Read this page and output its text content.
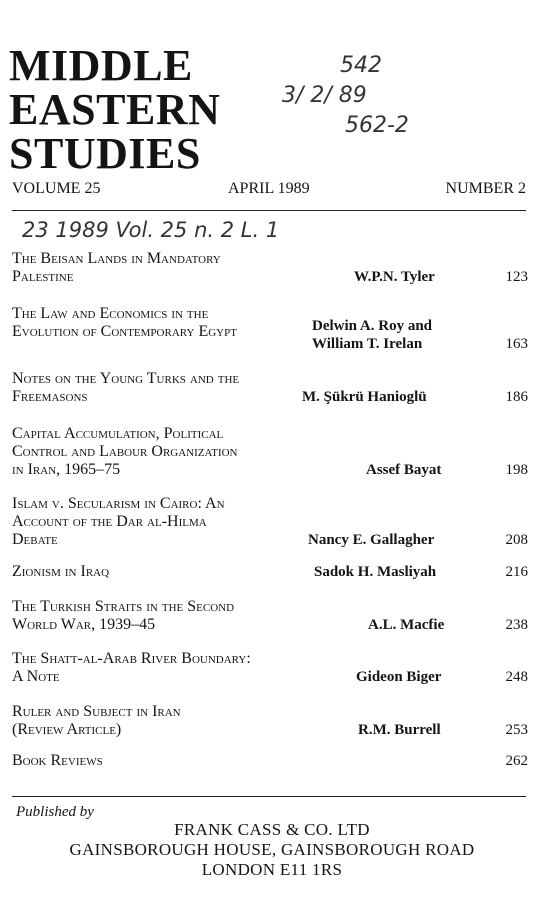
MIDDLE
EASTERN
STUDIES
542
3/ 2/ 89
562-2
VOLUME 25	APRIL 1989	NUMBER 2
23 1989 Vol. 25 n. 2 L. 1
The Beisan Lands in Mandatory
Palestine	W.P.N. Tyler	123
The Law and Economics in the
Evolution of Contemporary Egypt	Delwin A. Roy and
William T. Irelan	163
Notes on the Young Turks and the
Freemasons	M. Şükrü Hanioglü	186
Capital Accumulation, Political
Control and Labour Organization
in Iran, 1965–75	Assef Bayat	198
Islam v. Secularism in Cairo: An
Account of the Dar al-Hilma
Debate	Nancy E. Gallagher	208
Zionism in Iraq	Sadok H. Masliyah	216
The Turkish Straits in the Second
World War, 1939–45	A.L. Macfie	238
The Shatt-al-Arab River Boundary:
A Note	Gideon Biger	248
Ruler and Subject in Iran
(Review Article)	R.M. Burrell	253
Book Reviews	262
Published by
FRANK CASS & CO. LTD
GAINSBOROUGH HOUSE, GAINSBOROUGH ROAD
LONDON E11 1RS
